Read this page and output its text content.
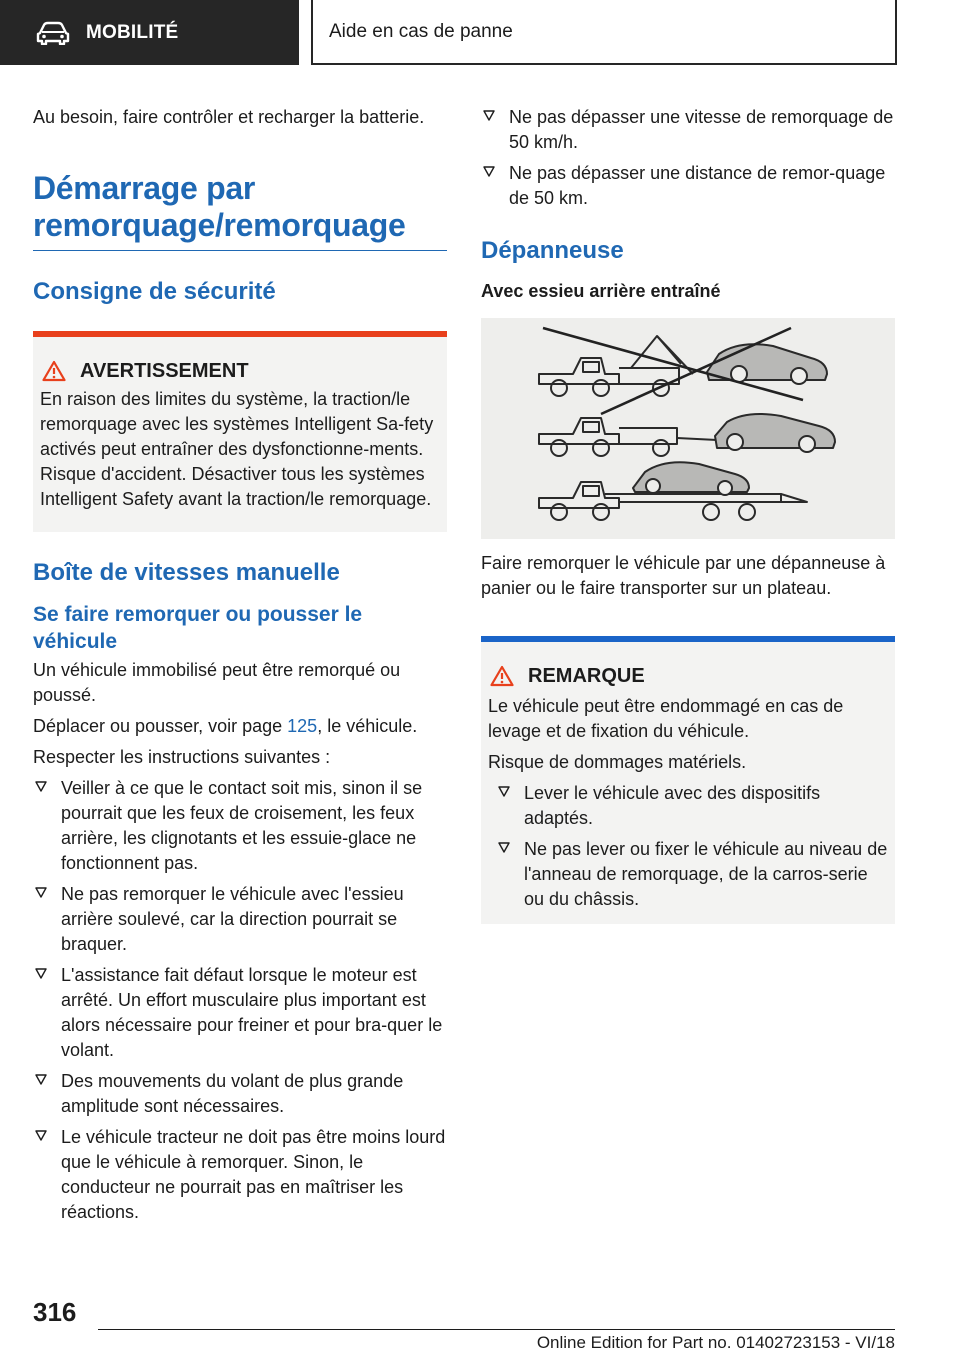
MOBILITÉ	Aide en cas de panne

Au besoin, faire contrôler et recharger la batterie.

Démarrage par
remorquage/remorquage
Consigne de sécurité
AVERTISSEMENT

En raison des limites du système, la traction/le remorquage avec les systèmes Intelligent Sa-fety activés peut entraîner des dysfonctionne-ments. Risque d'accident. Désactiver tous les systèmes Intelligent Safety avant la traction/le remorquage.

Boîte de vitesses manuelle
Se faire remorquer ou pousser le véhicule

Un véhicule immobilisé peut être remorqué ou poussé.

Déplacer ou pousser, voir page 125, le véhicule.

Respecter les instructions suivantes :

Veiller à ce que le contact soit mis, sinon il se pourrait que les feux de croisement, les feux arrière, les clignotants et les essuie-glace ne fonctionnent pas.
Ne pas remorquer le véhicule avec l'essieu arrière soulevé, car la direction pourrait se braquer.
L'assistance fait défaut lorsque le moteur est arrêté. Un effort musculaire plus important est alors nécessaire pour freiner et pour bra-quer le volant.
Des mouvements du volant de plus grande amplitude sont nécessaires.
Le véhicule tracteur ne doit pas être moins lourd que le véhicule à remorquer. Sinon, le conducteur ne pourrait pas en maîtriser les réactions.
Ne pas dépasser une vitesse de remorquage de 50 km/h.
Ne pas dépasser une distance de remor-quage de 50 km.
Dépanneuse
Avec essieu arrière entraîné

Faire remorquer le véhicule par une dépanneuse à panier ou le faire transporter sur un plateau.

REMARQUE

Le véhicule peut être endommagé en cas de levage et de fixation du véhicule.

Risque de dommages matériels.

Lever le véhicule avec des dispositifs adaptés.
Ne pas lever ou fixer le véhicule au niveau de l'anneau de remorquage, de la carros-serie ou du châssis.
316
Online Edition for Part no. 01402723153 - VI/18
